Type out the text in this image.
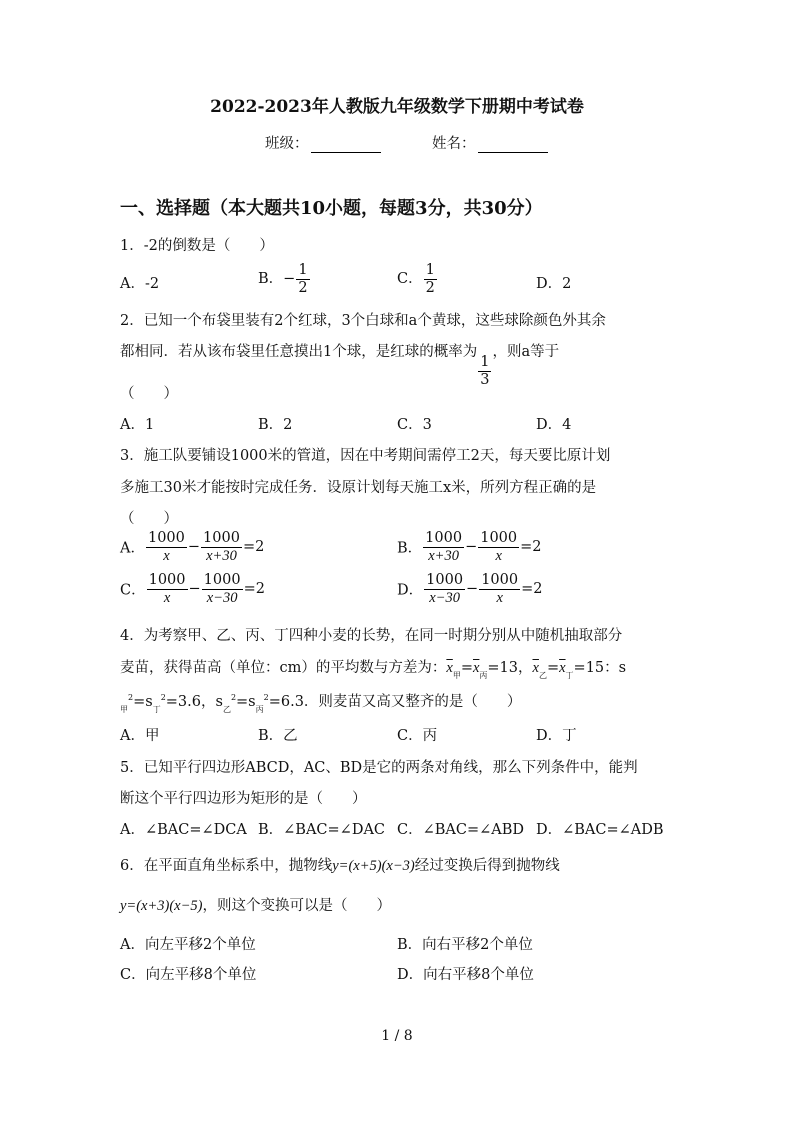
2022-2023年人教版九年级数学下册期中考试卷
班级：	姓名：
一、选择题（本大题共10小题，每题3分，共30分）
1．-2的倒数是（　　）
A．-2	B．− $\frac{1}{2}$	C． $\frac{1}{2}$	D．2
2．已知一个布袋里装有2个红球，3个白球和a个黄球，这些球除颜色外其余
都相同．若从该布袋里任意摸出1个球，是红球的概率为
$\frac{1}{3}$
，则a等于
（　　）
A．1	B．2	C．3	D．4
3．施工队要铺设1000米的管道，因在中考期间需停工2天，每天要比原计划
多施工30米才能按时完成任务．设原计划每天施工x米，所列方程正确的是
（　　）
A． $\frac{1000}{x} - \frac{1000}{x+30} =2$	B． $\frac{1000}{x+30} - \frac{1000}{x} =2$
C． $\frac{1000}{x} - \frac{1000}{x-30} =2$	D． $\frac{1000}{x-30} - \frac{1000}{x} =2$
4．为考察甲、乙、丙、丁四种小麦的长势，在同一时期分别从中随机抽取部分
麦苗，获得苗高（单位：cm）的平均数与方差为：$\overline{x}_甲=\overline{x}_丙=13$，$\overline{x}_乙=\overline{x}_丁=15$：s
$_甲^2=s_丁^2=3.6$，$s_乙^2=s_丙^2=6.3$．则麦苗又高又整齐的是（　　）
A．甲	B．乙	C．丙	D．丁
5．已知平行四边形ABCD，AC、BD是它的两条对角线，那么下列条件中，能判
断这个平行四边形为矩形的是（　　）
A．∠BAC=∠DCA B．∠BAC=∠DAC C．∠BAC=∠ABD D．∠BAC=∠ADB
6．在平面直角坐标系中，抛物线y=(x+5)(x−3)经过变换后得到抛物线
y=(x+3)(x−5)，则这个变换可以是（　　）
A．向左平移2个单位	B．向右平移2个单位
C．向左平移8个单位	D．向右平移8个单位
1 / 8
